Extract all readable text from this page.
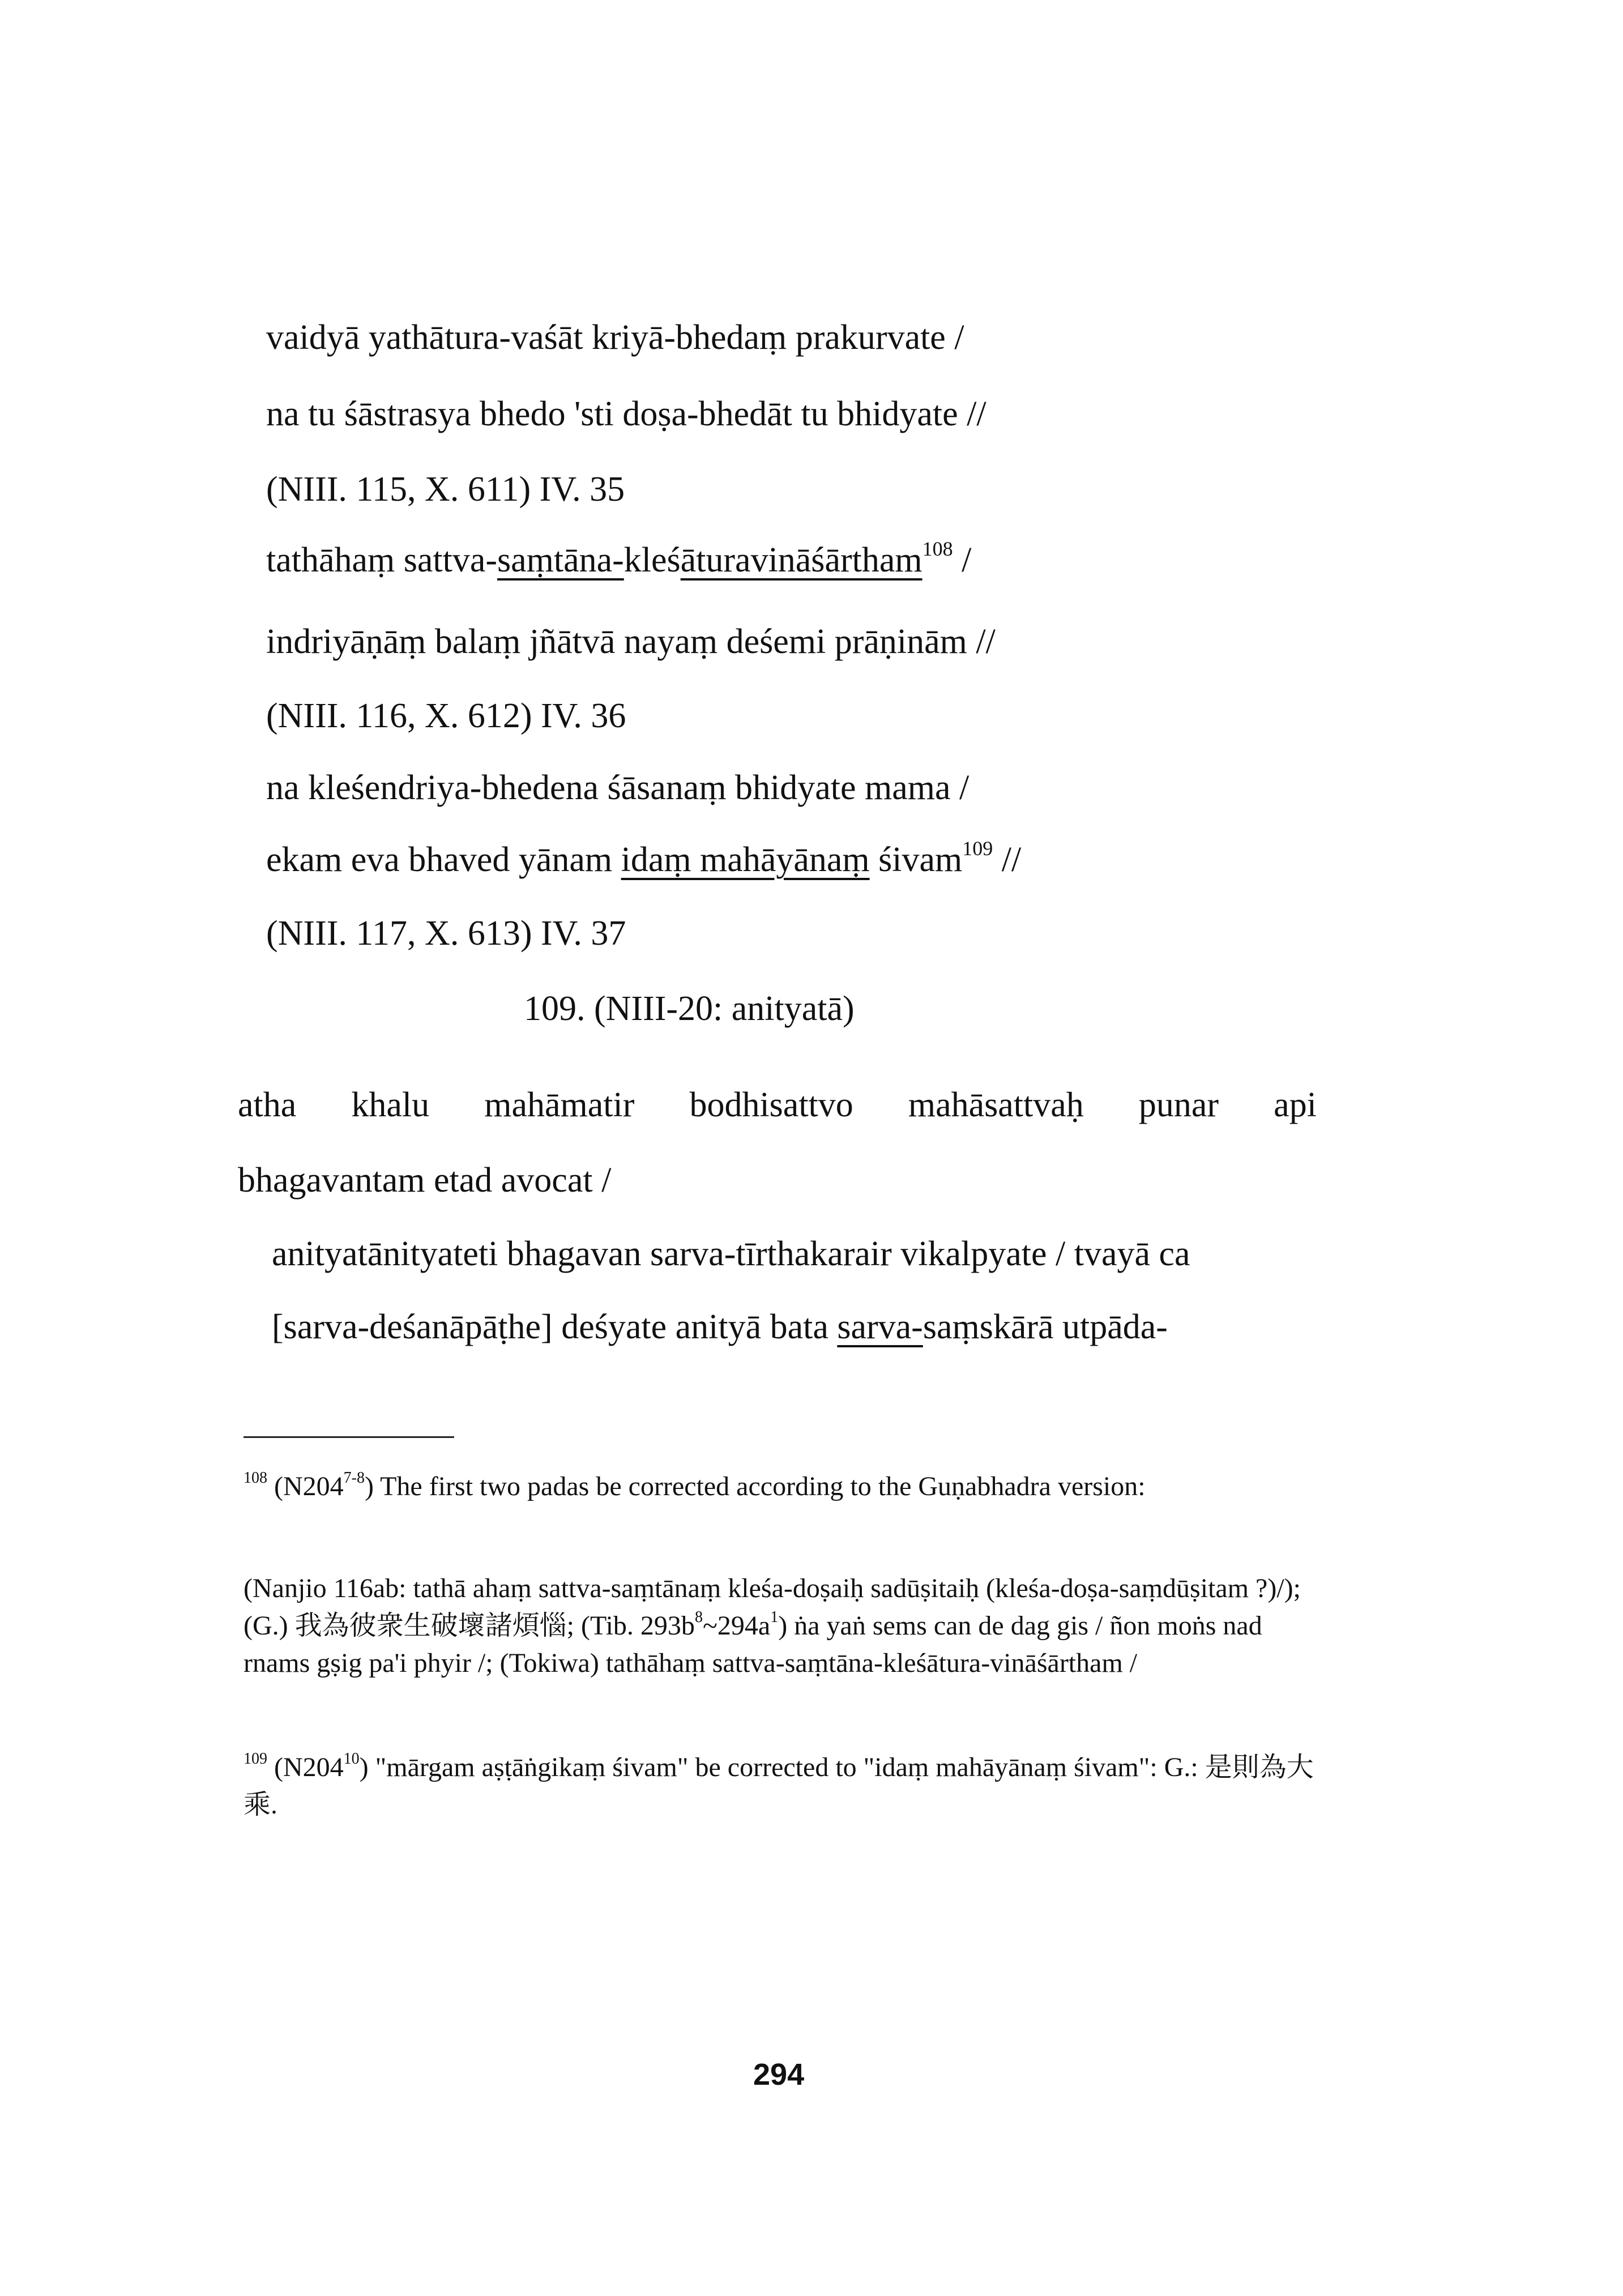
vaidyā yathātura-vaśāt kriyā-bhedaṃ prakurvate /
na tu śāstrasya bhedo 'sti doṣa-bhedāt tu bhidyate //
(NIII. 115, X. 611) IV. 35
tathāhaṃ sattva-saṃtāna-kleśāturavināśārtham$^{108}$ /
indriyāṇāṃ balaṃ jñātvā nayaṃ deśemi prāṇinām //
(NIII. 116, X. 612) IV. 36
na kleśendriya-bhedena śāsanaṃ bhidyate mama /
ekam eva bhaved yānam idaṃ mahāyānaṃ śivam$^{109}$ //
(NIII. 117, X. 613) IV. 37
109. (NIII-20: anityatā)
atha khalu mahāmatir bodhisattvo mahāsattvaḥ punar api
bhagavantam etad avocat /
anityatānityateti bhagavan sarva-tīrthakarair vikalpyate / tvayā ca
[sarva-deśanāpāṭhe] deśyate anityā bata sarva-saṃskārā utpāda-
$^{108}$ (N204$^{7-8}$) The first two padas be corrected according to the Guṇabhadra version:
(Nanjio 116ab: tathā ahaṃ sattva-saṃtānaṃ kleśa-doṣaiḥ sadūṣitaiḥ (kleśa-doṣa-saṃdūṣitam ?)/); (G.) 我為彼衆生破壞諸煩惱; (Tib. $293b^8\sim 294a^1$) ṅa yaṅ sems can de dag gis / ñon moṅs nad rnams gṣig pa'i phyir /; (Tokiwa) tathāhaṃ sattva-saṃtāna-kleśātura-vināśārtham /
$^{109}$ $(N204^{10})$ "mārgam aṣṭāṅgikaṃ śivam" be corrected to "idaṃ mahāyānaṃ śivam": G.: 是則為大乘.
294
